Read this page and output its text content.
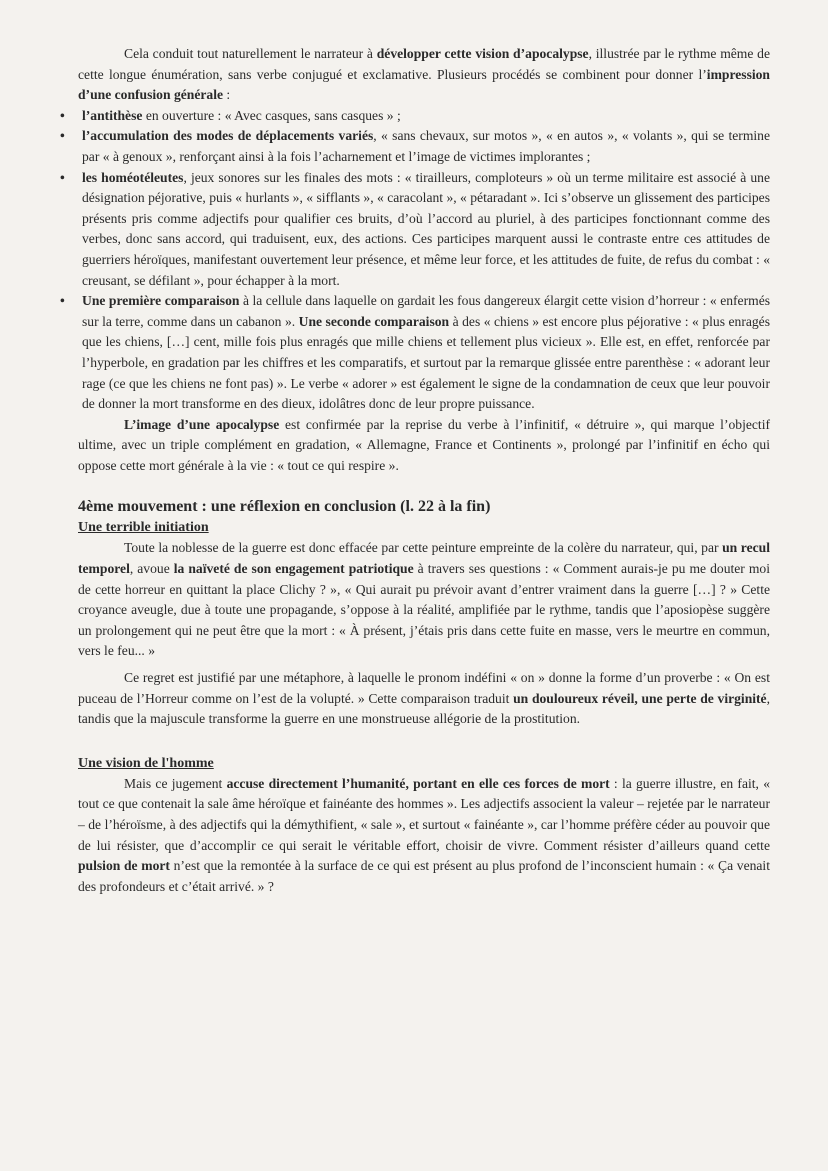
Cela conduit tout naturellement le narrateur à développer cette vision d’apocalypse, illustrée par le rythme même de cette longue énumération, sans verbe conjugué et exclamative. Plusieurs procédés se combinent pour donner l’impression d’une confusion générale :

• l’antithèse en ouverture : « Avec casques, sans casques » ;
• l’accumulation des modes de déplacements variés, « sans chevaux, sur motos », « en autos », « volants », qui se termine par « à genoux », renforçant ainsi à la fois l’acharnement et l’image de victimes implorantes ;
• les homéotéleutes, jeux sonores sur les finales des mots : « tirailleurs, comploteurs » où un terme militaire est associé à une désignation péjorative, puis « hurlants », « sifflants », « caracolant », « pétaradant ». Ici s’observe un glissement des participes présents pris comme adjectifs pour qualifier ces bruits, d’où l’accord au pluriel, à des participes fonctionnant comme des verbes, donc sans accord, qui traduisent, eux, des actions. Ces participes marquent aussi le contraste entre ces attitudes de guerriers héroïques, manifestant ouvertement leur présence, et même leur force, et les attitudes de fuite, de refus du combat : « creusant, se défilant », pour échapper à la mort.
• Une première comparaison à la cellule dans laquelle on gardait les fous dangereux élargit cette vision d’horreur : « enfermés sur la terre, comme dans un cabanon ». Une seconde comparaison à des « chiens » est encore plus péjorative : « plus enragés que les chiens, […] cent, mille fois plus enragés que mille chiens et tellement plus vicieux ». Elle est, en effet, renforcée par l’hyperbole, en gradation par les chiffres et les comparatifs, et surtout par la remarque glissée entre parenthèse : « adorant leur rage (ce que les chiens ne font pas) ». Le verbe « adorer » est également le signe de la condamnation de ceux que leur pouvoir de donner la mort transforme en des dieux, idolâtres donc de leur propre puissance.

L’image d’une apocalypse est confirmée par la reprise du verbe à l’infinitif, « détruire », qui marque l’objectif ultime, avec un triple complément en gradation, « Allemagne, France et Continents », prolongé par l’infinitif en écho qui oppose cette mort générale à la vie : « tout ce qui respire ».

4ème mouvement : une réflexion en conclusion (l. 22 à la fin)
Une terrible initiation

Toute la noblesse de la guerre est donc effacée par cette peinture empreinte de la colère du narrateur, qui, par un recul temporel, avoue la naïveté de son engagement patriotique à travers ses questions : « Comment aurais-je pu me douter moi de cette horreur en quittant la place Clichy ? », « Qui aurait pu prévoir avant d’entrer vraiment dans la guerre […] ? » Cette croyance aveugle, due à toute une propagande, s’oppose à la réalité, amplifiée par le rythme, tandis que l’aposiopèse suggère un prolongement qui ne peut être que la mort : « À présent, j’étais pris dans cette fuite en masse, vers le meurtre en commun, vers le feu... »

Ce regret est justifié par une métaphore, à laquelle le pronom indéfini « on » donne la forme d’un proverbe : « On est puceau de l’Horreur comme on l’est de la volupté. » Cette comparaison traduit un douloureux réveil, une perte de virginité, tandis que la majuscule transforme la guerre en une monstrueuse allégorie de la prostitution.

Une vision de l'homme

Mais ce jugement accuse directement l’humanité, portant en elle ces forces de mort : la guerre illustre, en fait, « tout ce que contenait la sale âme héroïque et fainéante des hommes ». Les adjectifs associent la valeur – rejetée par le narrateur – de l’héroïsme, à des adjectifs qui la démythifient, « sale », et surtout « fainéante », car l’homme préfère céder au pouvoir que de lui résister, que d’accomplir ce qui serait le véritable effort, choisir de vivre. Comment résister d’ailleurs quand cette pulsion de mort n’est que la remontée à la surface de ce qui est présent au plus profond de l’inconscient humain : « Ça venait des profondeurs et c’était arrivé. » ?
